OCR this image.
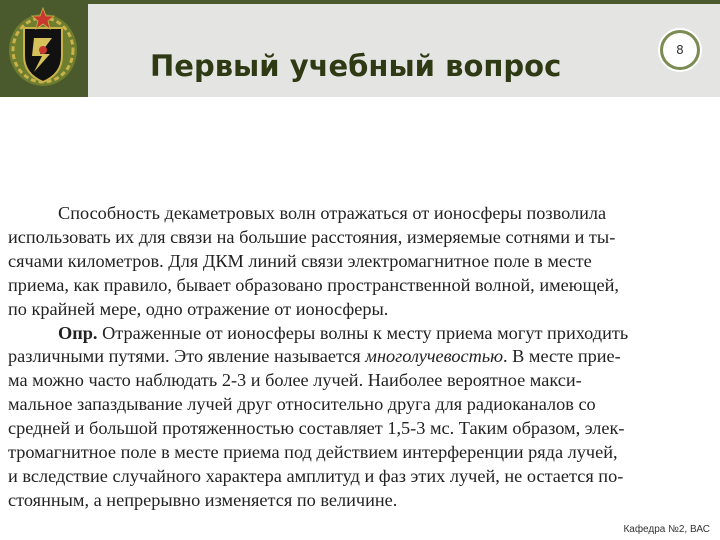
Первый учебный вопрос	8
Способность декаметровых волн отражаться от ионосферы позволила
использовать их для связи на большие расстояния, измеряемые сотнями и ты-
сячами километров. Для ДКМ линий связи электромагнитное поле в месте
приема, как правило, бывает образовано пространственной волной, имеющей,
по крайней мере, одно отражение от ионосферы.
Опр. Отраженные от ионосферы волны к месту приема могут приходить
различными путями. Это явление называется многолучевостью. В месте прие-
ма можно часто наблюдать 2-3 и более лучей. Наиболее вероятное макси-
мальное запаздывание лучей друг относительно друга для радиоканалов со
средней и большой протяженностью составляет 1,5-3 мс. Таким образом, элек-
тромагнитное поле в месте приема под действием интерференции ряда лучей,
и вследствие случайного характера амплитуд и фаз этих лучей, не остается по-
стоянным, а непрерывно изменяется по величине.
Кафедра №2, ВАС
